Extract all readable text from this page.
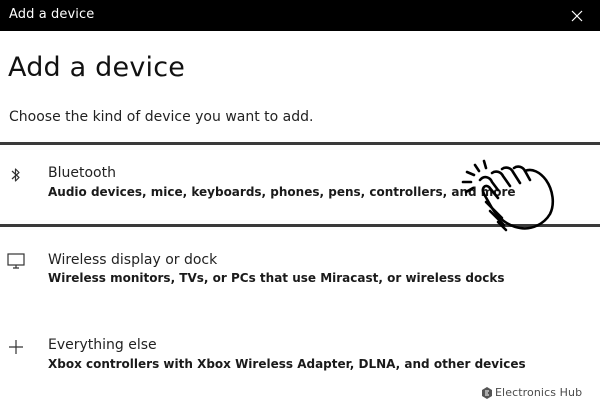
Add a device
Add a device
Choose the kind of device you want to add.
Bluetooth
Audio devices, mice, keyboards, phones, pens, controllers, and more
Wireless display or dock
Wireless monitors, TVs, or PCs that use Miracast, or wireless docks
Everything else
Xbox controllers with Xbox Wireless Adapter, DLNA, and other devices
Electronics Hub
